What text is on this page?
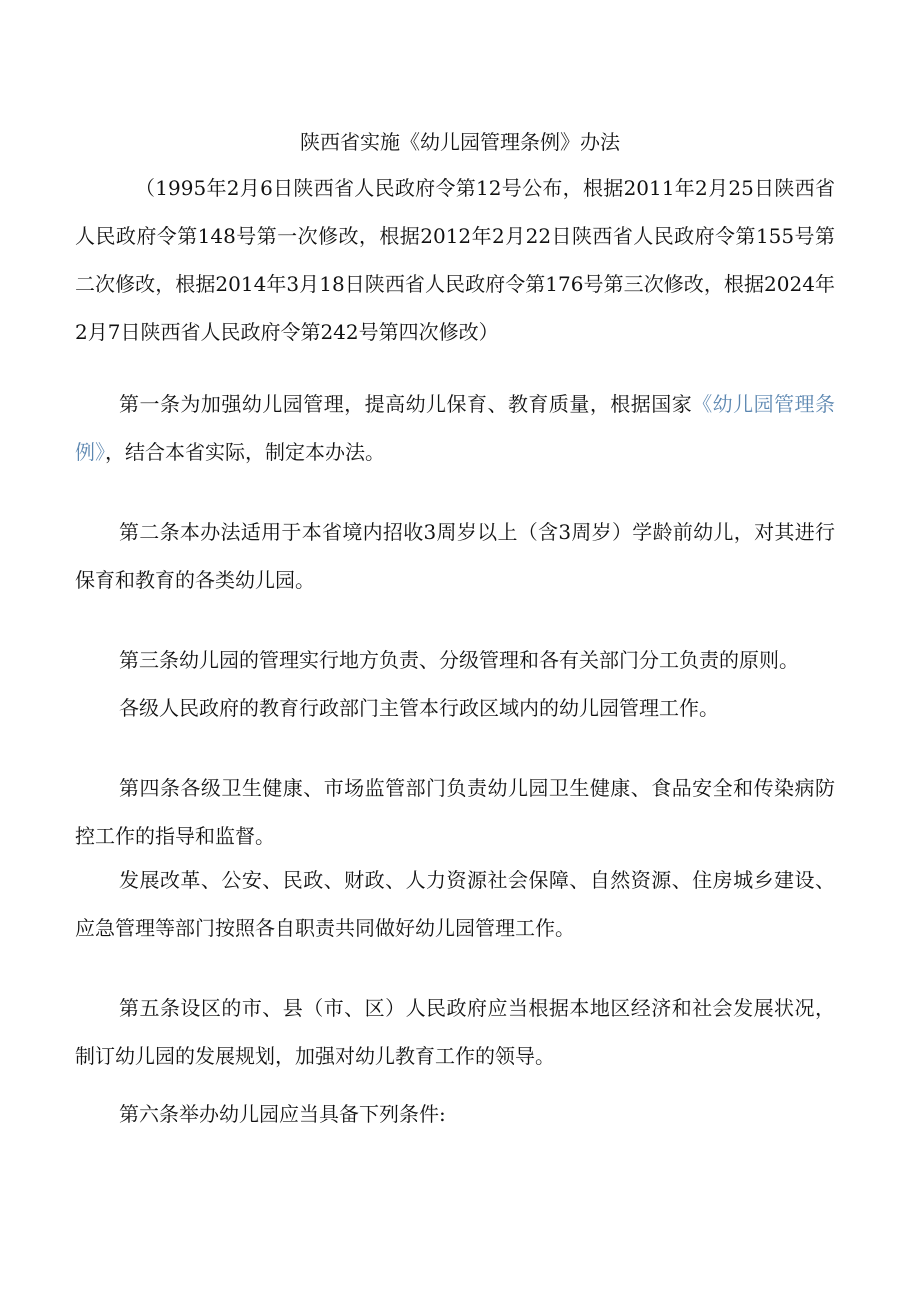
陕西省实施《幼儿园管理条例》办法

（1995年2月6日陕西省人民政府令第12号公布，根据2011年2月25日陕西省人民政府令第148号第一次修改，根据2012年2月22日陕西省人民政府令第155号第二次修改，根据2014年3月18日陕西省人民政府令第176号第三次修改，根据2024年2月7日陕西省人民政府令第242号第四次修改）

第一条为加强幼儿园管理，提高幼儿保育、教育质量，根据国家《幼儿园管理条例》，结合本省实际，制定本办法。

第二条本办法适用于本省境内招收3周岁以上（含3周岁）学龄前幼儿，对其进行保育和教育的各类幼儿园。

第三条幼儿园的管理实行地方负责、分级管理和各有关部门分工负责的原则。

各级人民政府的教育行政部门主管本行政区域内的幼儿园管理工作。

第四条各级卫生健康、市场监管部门负责幼儿园卫生健康、食品安全和传染病防控工作的指导和监督。

发展改革、公安、民政、财政、人力资源社会保障、自然资源、住房城乡建设、应急管理等部门按照各自职责共同做好幼儿园管理工作。

第五条设区的市、县（市、区）人民政府应当根据本地区经济和社会发展状况，制订幼儿园的发展规划，加强对幼儿教育工作的领导。

第六条举办幼儿园应当具备下列条件:
